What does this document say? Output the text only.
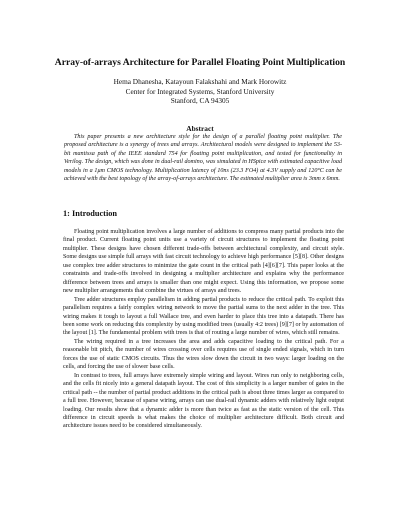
Array-of-arrays Architecture for Parallel Floating Point Multiplication
Hema Dhanesha, Katayoun Falakshahi and Mark Horowitz
Center for Integrated Systems, Stanford University
Stanford, CA 94305
Abstract
This paper presents a new architecture style for the design of a parallel floating point multiplier. The proposed architecture is a synergy of trees and arrays. Architectural models were designed to implement the 53-bit mantissa path of the IEEE standard 754 for floating point multiplication, and tested for functionality in Verilog. The design, which was done in dual-rail domino, was simulated in HSpice with estimated capacitive load models in a 1μm CMOS technology. Multiplication latency of 10ns (23.3 FO4) at 4.3V supply and 120°C can be achieved with the best topology of the array-of-arrays architecture. The estimated multiplier area is 3mm x 6mm.
1: Introduction

Floating point multiplication involves a large number of additions to compress many partial products into the final product. Current floating point units use a variety of circuit structures to implement the floating point multiplier. These designs have chosen different trade-offs between architectural complexity, and circuit style. Some designs use simple full arrays with fast circuit technology to achieve high performance [5][8]. Other designs use complex tree adder structures to minimize the gate count in the critical path [4][6][7]. This paper looks at the constraints and trade-offs involved in designing a multiplier architecture and explains why the performance difference between trees and arrays is smaller than one might expect. Using this information, we propose some new multiplier arrangements that combine the virtues of arrays and trees.

Tree adder structures employ parallelism in adding partial products to reduce the critical path. To exploit this parallelism requires a fairly complex wiring network to move the partial sums to the next adder in the tree. This wiring makes it tough to layout a full Wallace tree, and even harder to place this tree into a datapath. There has been some work on reducing this complexity by using modified trees (usually 4:2 trees) [9][7] or by automation of the layout [1]. The fundamental problem with trees is that of routing a large number of wires, which still remains.

The wiring required in a tree increases the area and adds capacitive loading to the critical path. For a reasonable bit pitch, the number of wires crossing over cells requires use of single ended signals, which in turn forces the use of static CMOS circuits. Thus the wires slow down the circuit in two ways: larger loading on the cells, and forcing the use of slower base cells.

In contrast to trees, full arrays have extremely simple wiring and layout. Wires run only to neighboring cells, and the cells fit nicely into a general datapath layout. The cost of this simplicity is a larger number of gates in the critical path -- the number of partial product additions in the critical path is about three times larger as compared to a full tree. However, because of sparse wiring, arrays can use dual-rail dynamic adders with relatively light output loading. Our results show that a dynamic adder is more than twice as fast as the static version of the cell. This difference in circuit speeds is what makes the choice of multiplier architecture difficult. Both circuit and architecture issues need to be considered simultaneously.
